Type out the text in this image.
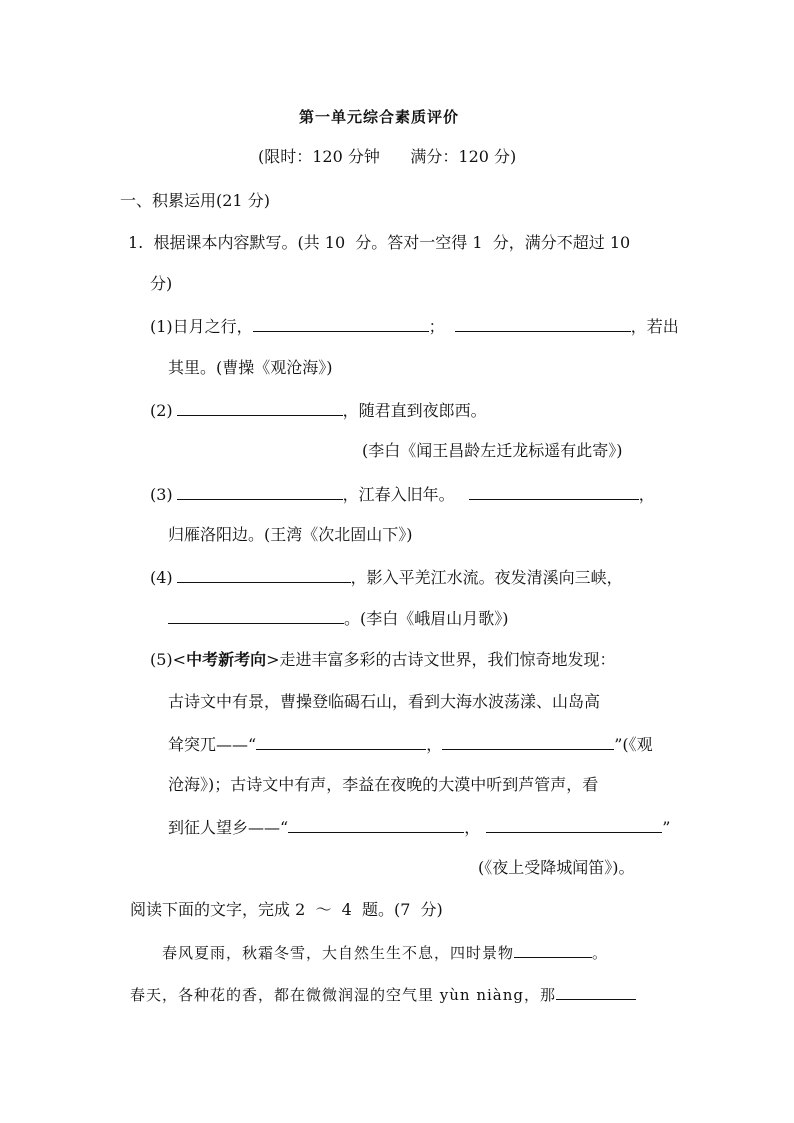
第一单元综合素质评价
(限时：120 分钟      满分：120 分)
一、积累运用(21 分)
1.  根据课本内容默写。(共 10  分。答对一空得 1  分，满分不超过 10
分)
(1)日月之行，	；	，若出
其里。(曹操《观沧海》)
(2)	，随君直到夜郎西。
(李白《闻王昌龄左迁龙标遥有此寄》)
(3)	，江春入旧年。	，
归雁洛阳边。(王湾《次北固山下》)
(4)	，影入平羌江水流。夜发清溪向三峡，
。(李白《峨眉山月歌》)
(5)<中考新考向>走进丰富多彩的古诗文世界，我们惊奇地发现：
古诗文中有景，曹操登临碣石山，看到大海水波荡漾、山岛高
耸突兀——“	，	”(《观
沧海》)；古诗文中有声，李益在夜晚的大漠中听到芦管声，看
到征人望乡——“	，	”
(《夜上受降城闻笛》)。
阅读下面的文字，完成 2  ～  4  题。(7  分)
春风夏雨，秋霜冬雪，大自然生生不息，四时景物	。
春天，各种花的香，都在微微润湿的空气里 yùn niàng，那
